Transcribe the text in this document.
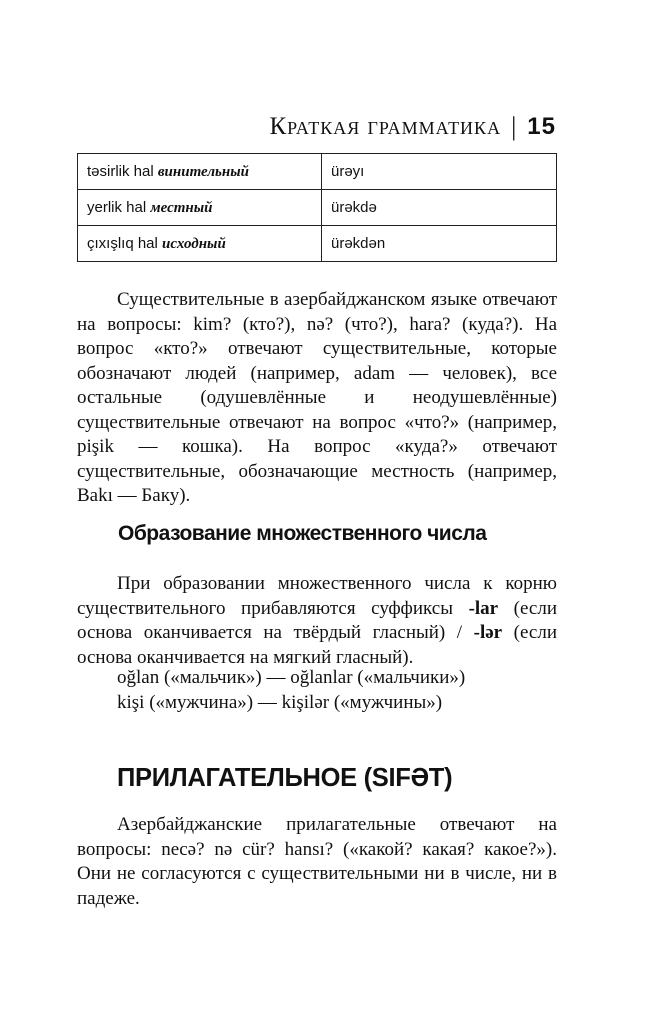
Краткая грамматика | 15
təsirlik hal винительный	ürəyı
yerlik hal местный	ürəkdə
çıxışlıq hal исходный	ürəkdən

Существительные в азербайджанском языке отвечают на вопросы: kim? (кто?), nə? (что?), hara? (куда?). На вопрос «кто?» отвечают существительные, которые обозначают людей (например, adam — человек), все остальные (одушевлённые и неодушевлённые) существительные отвечают на вопрос «что?» (например, pişik — кошка). На вопрос «куда?» отвечают существительные, обозначающие местность (например, Bakı — Баку).

Образование множественного числа

При образовании множественного числа к корню существительного прибавляются суффиксы -lar (если основа оканчивается на твёрдый гласный) / -lər (если основа оканчивается на мягкий гласный).

oğlan («мальчик») — oğlanlar («мальчики»)

kişi («мужчина») — kişilər («мужчины»)

ПРИЛАГАТЕЛЬНОЕ (SIFƏT)

Азербайджанские прилагательные отвечают на вопросы: necə? nə cür? hansı? («какой? какая? какое?»). Они не согласуются с существительными ни в числе, ни в падеже.
